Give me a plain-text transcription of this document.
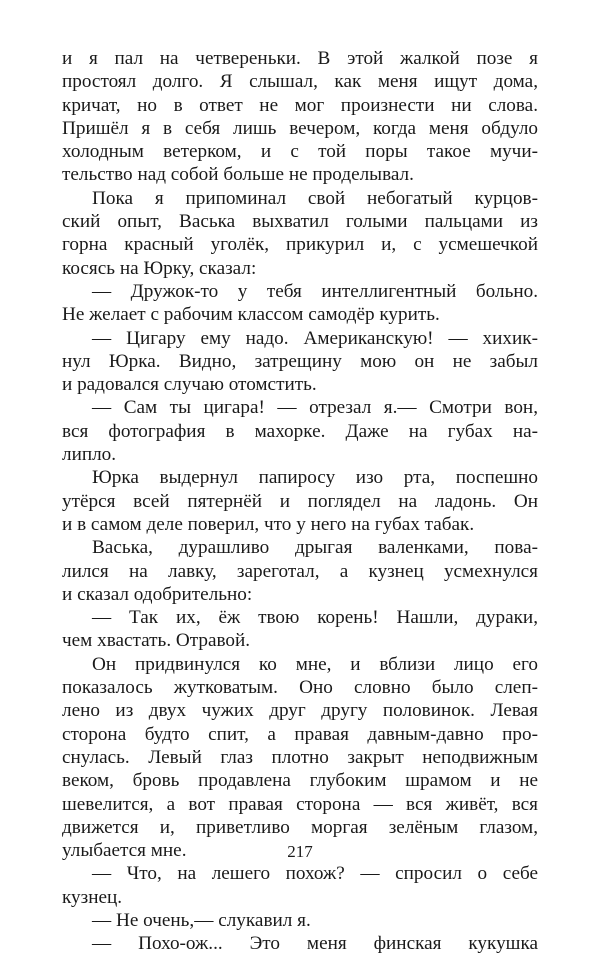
и я пал на четвереньки. В этой жалкой позе я
простоял долго. Я слышал, как меня ищут дома,
кричат, но в ответ не мог произнести ни слова.
Пришёл я в себя лишь вечером, когда меня обдуло
холодным ветерком, и с той поры такое мучи-
тельство над собой больше не проделывал.
Пока я припоминал свой небогатый курцов-
ский опыт, Васька выхватил голыми пальцами из
горна красный уголёк, прикурил и, с усмешечкой
косясь на Юрку, сказал:
— Дружок-то у тебя интеллигентный больно.
Не желает с рабочим классом самодёр курить.
— Цигару ему надо. Американскую! — хихик-
нул Юрка. Видно, затрещину мою он не забыл
и радовался случаю отомстить.
— Сам ты цигара! — отрезал я.— Смотри вон,
вся фотография в махорке. Даже на губах на-
липло.
Юрка выдернул папиросу изо рта, поспешно
утёрся всей пятернёй и поглядел на ладонь. Он
и в самом деле поверил, что у него на губах табак.
Васька, дурашливо дрыгая валенками, пова-
лился на лавку, зареготал, а кузнец усмехнулся
и сказал одобрительно:
— Так их, ёж твою корень! Нашли, дураки,
чем хвастать. Отравой.
Он придвинулся ко мне, и вблизи лицо его
показалось жутковатым. Оно словно было слеп-
лено из двух чужих друг другу половинок. Левая
сторона будто спит, а правая давным-давно про-
снулась. Левый глаз плотно закрыт неподвижным
веком, бровь продавлена глубоким шрамом и не
шевелится, а вот правая сторона — вся живёт, вся
движется и, приветливо моргая зелёным глазом,
улыбается мне.
— Что, на лешего похож? — спросил о себе
кузнец.
— Не очень,— слукавил я.
— Похо-ож... Это меня финская кукушка
217
